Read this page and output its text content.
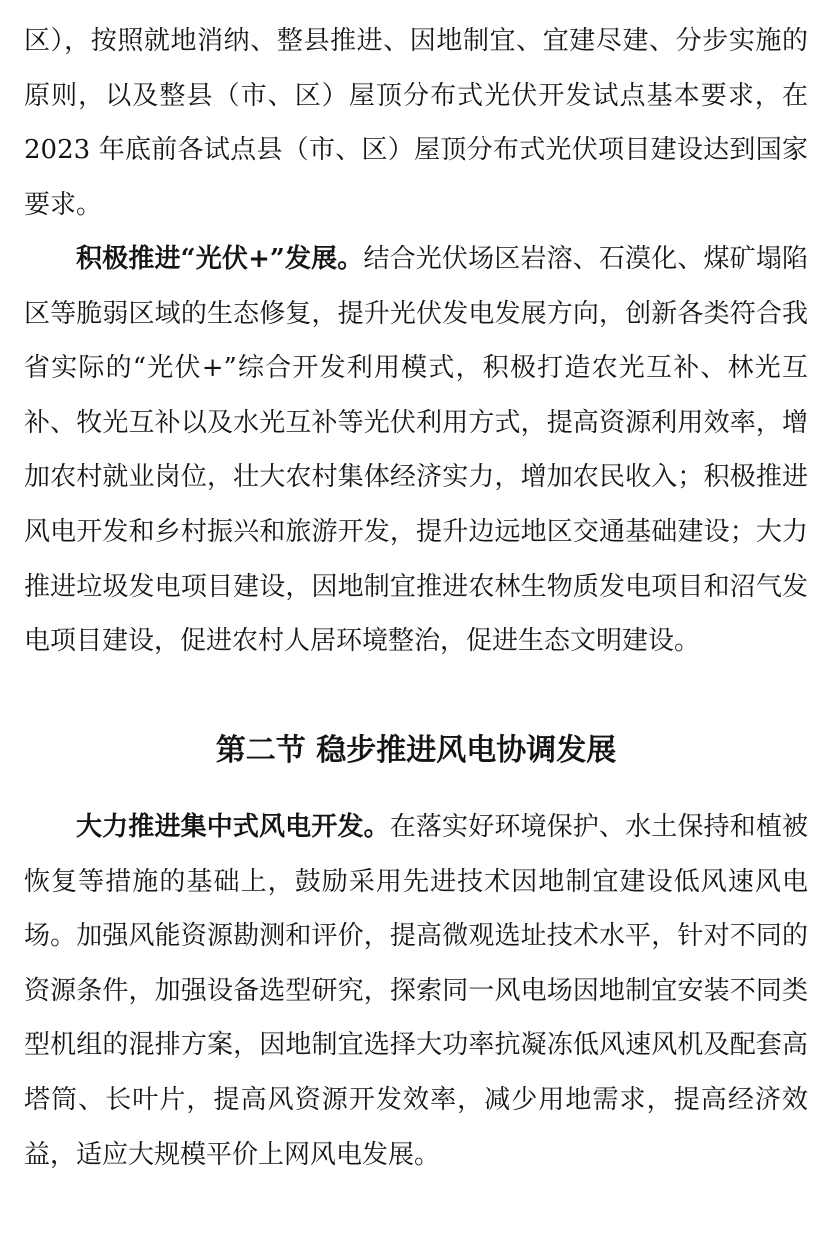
区），按照就地消纳、整县推进、因地制宜、宜建尽建、分步实施的原则，以及整县（市、区）屋顶分布式光伏开发试点基本要求，在 2023 年底前各试点县（市、区）屋顶分布式光伏项目建设达到国家要求。

积极推进“光伏+”发展。结合光伏场区岩溶、石漠化、煤矿塌陷区等脆弱区域的生态修复，提升光伏发电发展方向，创新各类符合我省实际的“光伏+”综合开发利用模式，积极打造农光互补、林光互补、牧光互补以及水光互补等光伏利用方式，提高资源利用效率，增加农村就业岗位，壮大农村集体经济实力，增加农民收入；积极推进风电开发和乡村振兴和旅游开发，提升边远地区交通基础建设；大力推进垃圾发电项目建设，因地制宜推进农林生物质发电项目和沼气发电项目建设，促进农村人居环境整治，促进生态文明建设。

第二节 稳步推进风电协调发展

大力推进集中式风电开发。在落实好环境保护、水土保持和植被恢复等措施的基础上，鼓励采用先进技术因地制宜建设低风速风电场。加强风能资源勘测和评价，提高微观选址技术水平，针对不同的资源条件，加强设备选型研究，探索同一风电场因地制宜安装不同类型机组的混排方案，因地制宜选择大功率抗凝冻低风速风机及配套高塔筒、长叶片，提高风资源开发效率，减少用地需求，提高经济效益，适应大规模平价上网风电发展。
